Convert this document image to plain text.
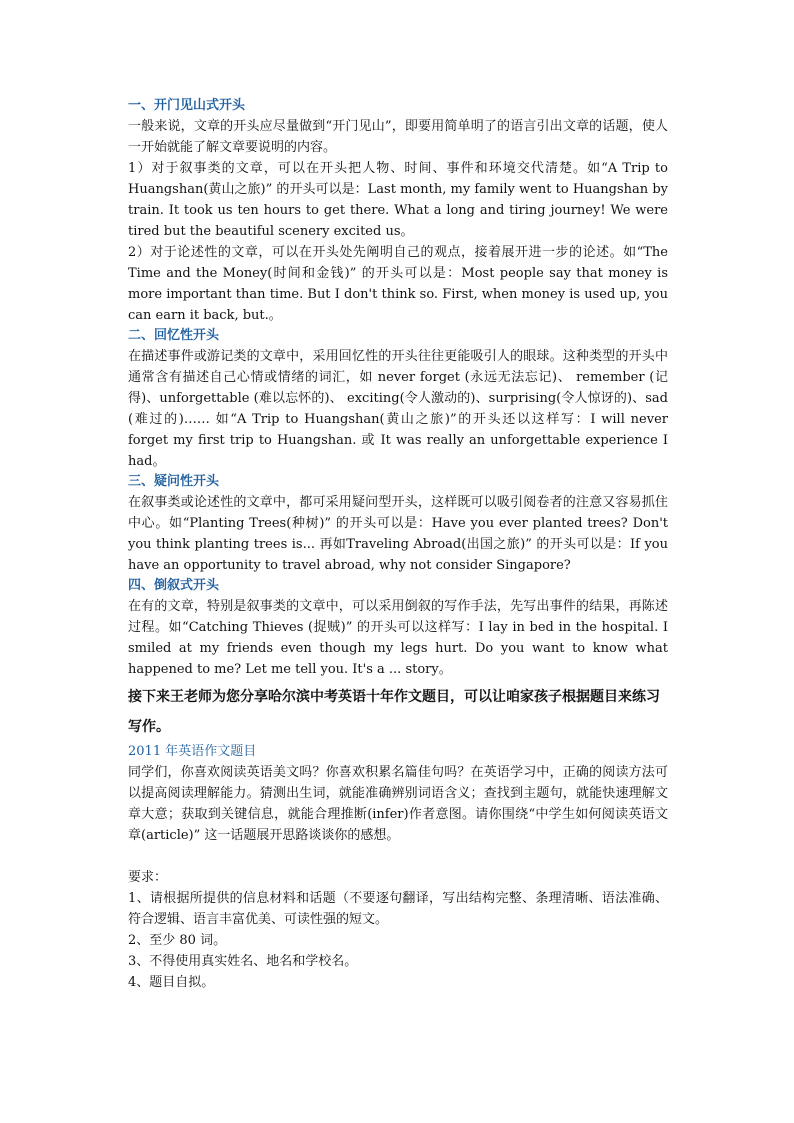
一、开门见山式开头
一般来说，文章的开头应尽量做到“开门见山”，即要用简单明了的语言引出文章的话题，使人一开始就能了解文章要说明的内容。
1）对于叙事类的文章，可以在开头把人物、时间、事件和环境交代清楚。如“A Trip to Huangshan(黄山之旅)” 的开头可以是：Last month, my family went to Huangshan by train. It took us ten hours to get there. What a long and tiring journey! We were tired but the beautiful scenery excited us。
2）对于论述性的文章，可以在开头处先阐明自己的观点，接着展开进一步的论述。如“The Time and the Money(时间和金钱)” 的开头可以是：Most people say that money is more important than time. But I don't think so. First, when money is used up, you can earn it back, but.。
二、回忆性开头
在描述事件或游记类的文章中，采用回忆性的开头往往更能吸引人的眼球。这种类型的开头中通常含有描述自己心情或情绪的词汇，如 never forget (永远无法忘记)、 remember (记得)、unforgettable (难以忘怀的)、 exciting(令人激动的)、surprising(令人惊讶的)、sad (难过的)…… 如“A Trip to Huangshan(黄山之旅)”的开头还以这样写：I will never forget my first trip to Huangshan. 或 It was really an unforgettable experience I had。
三、疑问性开头
在叙事类或论述性的文章中，都可采用疑问型开头，这样既可以吸引阅卷者的注意又容易抓住中心。如“Planting Trees(种树)” 的开头可以是：Have you ever planted trees? Don't you think planting trees is... 再如Traveling Abroad(出国之旅)” 的开头可以是：If you have an opportunity to travel abroad, why not consider Singapore?
四、倒叙式开头
在有的文章，特别是叙事类的文章中，可以采用倒叙的写作手法，先写出事件的结果，再陈述过程。如“Catching Thieves (捉贼)” 的开头可以这样写：I lay in bed in the hospital. I smiled at my friends even though my legs hurt. Do you want to know what happened to me? Let me tell you. It's a ... story。
接下来王老师为您分享哈尔滨中考英语十年作文题目，可以让咱家孩子根据题目来练习写作。
2011 年英语作文题目
同学们，你喜欢阅读英语美文吗？你喜欢积累名篇佳句吗？在英语学习中，正确的阅读方法可以提高阅读理解能力。猜测出生词，就能准确辨别词语含义；查找到主题句，就能快速理解文章大意；获取到关键信息，就能合理推断(infer)作者意图。请你围绕“中学生如何阅读英语文章(article)” 这一话题展开思路谈谈你的感想。
要求：
1、请根据所提供的信息材料和话题（不要逐句翻译，写出结构完整、条理清晰、语法准确、符合逻辑、语言丰富优美、可读性强的短文。
2、至少 80 词。
3、不得使用真实姓名、地名和学校名。
4、题目自拟。
